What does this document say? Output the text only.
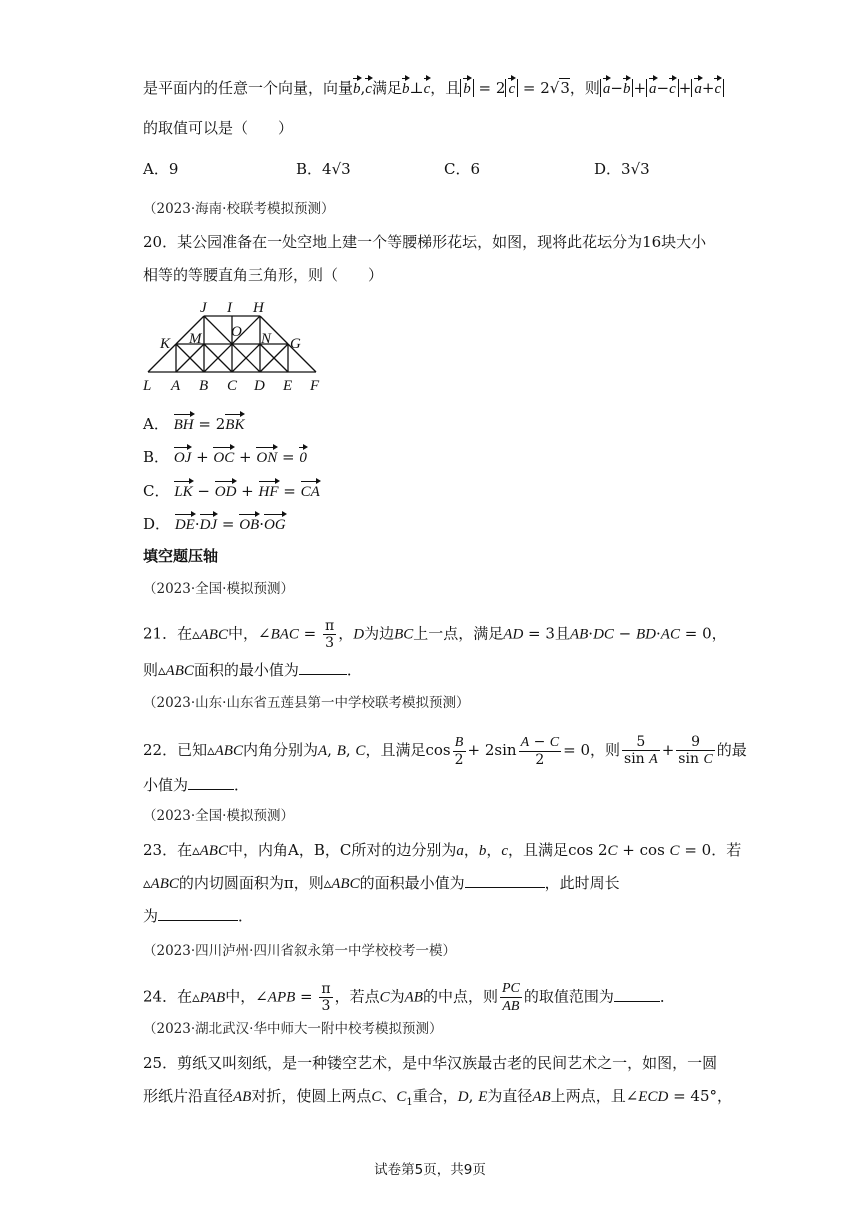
是平面内的任意一个向量，向量b,c满足b⊥c，且 b = 2 c = 2√3，则 a−b + a−c + a+c
的取值可以是（　　）
A．9	B．4√3	C．6	D．3√3
（2023·海南·校联考模拟预测）
20．某公园准备在一处空地上建一个等腰梯形花坛，如图，现将此花坛分为16块大小
相等的等腰直角三角形，则（　　）
J I H
O
K M	N G
L A B C D E F
A． BH = 2BK
B． OJ + OC + ON = 0
C． LK − OD + HF = CA
D． DE·DJ = OB·OG
填空题压轴
（2023·全国·模拟预测）
21．在▵ABC中，∠BAC = $\frac{\pi}{3}$ ，D为边BC上一点，满足AD = 3且AB·DC − BD·AC = 0，
则▵ABC面积的最小值为	．
（2023·山东·山东省五莲县第一中学校联考模拟预测）
22．已知▵ABC内角分别为A, B, C，且满足$\cos \frac{B}{2} + 2\sin \frac{A - C}{2} = 0$，则 $\frac{5}{\text{sin A}} + \frac{9}{\text{sin C}}$ 的最
小值为	．
（2023·全国·模拟预测）
23．在▵ABC中，内角A，B，C所对的边分别为a，b，c，且满足cos 2C + cos C = 0．若
▵ABC的内切圆面积为π，则▵ABC的面积最小值为	，此时周长
为	．
（2023·四川泸州·四川省叙永第一中学校校考一模）
24．在▵PAB中，∠APB = $\frac{\pi}{3}$ ，若点C为AB的中点，则 $\frac{PC}{AB}$ 的取值范围为	．
（2023·湖北武汉·华中师大一附中校考模拟预测）
25．剪纸又叫刻纸，是一种镂空艺术，是中华汉族最古老的民间艺术之一，如图，一圆
形纸片沿直径AB对折，使圆上两点C、$C_1$重合，D, E为直径AB上两点，且∠ECD = 45°，
试卷第5页，共9页
